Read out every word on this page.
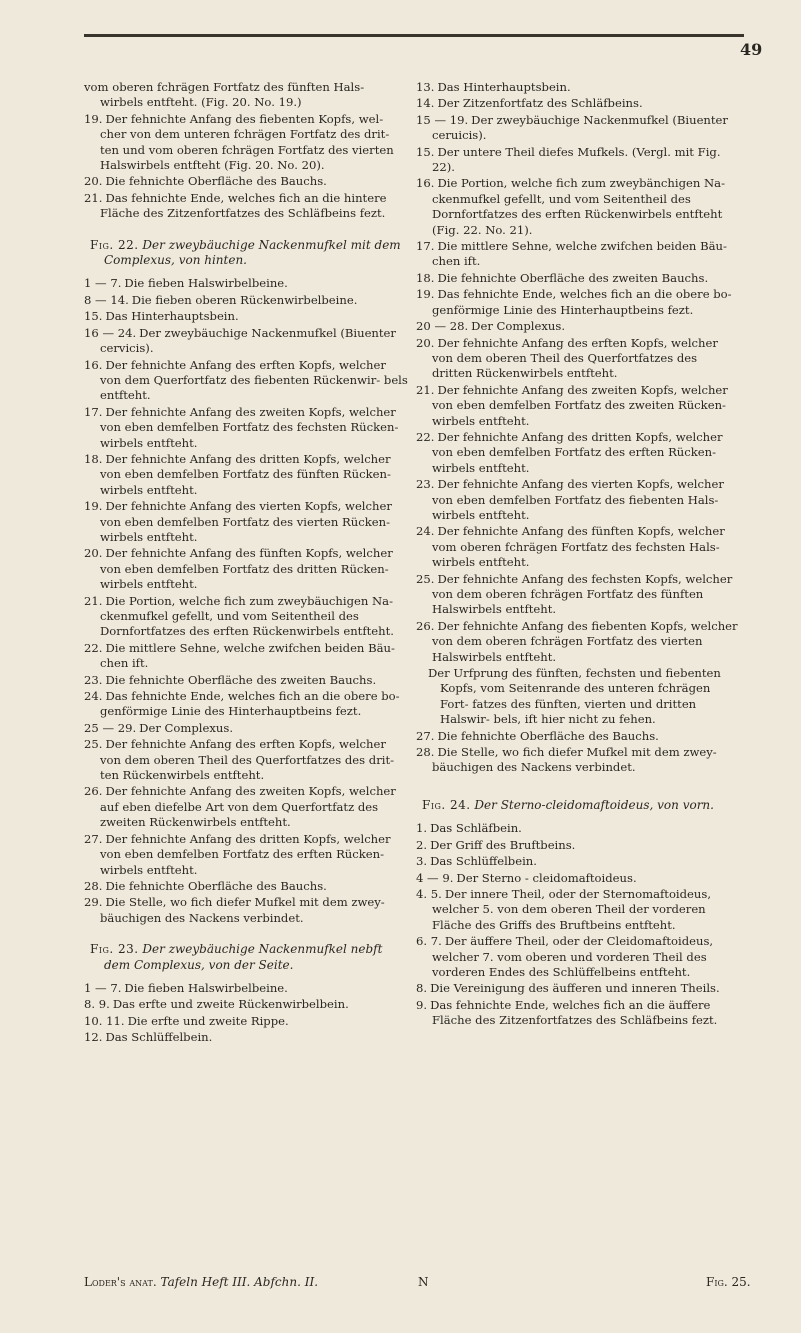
49

vom oberen fchrägen Fortfatz des fünften Hals- wirbels entfteht. (Fig. 20. No. 19.)

19. Der fehnichte Anfang des fiebenten Kopfs, wel- cher von dem unteren fchrägen Fortfatz des drit- ten und vom oberen fchrägen Fortfatz des vierten Halswirbels entfteht (Fig. 20. No. 20).

20. Die fehnichte Oberfläche des Bauchs.

21. Das fehnichte Ende, welches fich an die hintere Fläche des Zitzenfortfatzes des Schläfbeins fezt.

Fig. 22. Der zweybäuchige Nackenmufkel mit dem Complexus, von hinten.

1 — 7. Die fieben Halswirbelbeine.

8 — 14. Die fieben oberen Rückenwirbelbeine.

15. Das Hinterhauptsbein.

16 — 24. Der zweybäuchige Nackenmufkel (Biuenter cervicis).

16. Der fehnichte Anfang des erften Kopfs, welcher von dem Querfortfatz des fiebenten Rückenwir- bels entfteht.

17. Der fehnichte Anfang des zweiten Kopfs, welcher von eben demfelben Fortfatz des fechsten Rücken- wirbels entfteht.

18. Der fehnichte Anfang des dritten Kopfs, welcher von eben demfelben Fortfatz des fünften Rücken- wirbels entfteht.

19. Der fehnichte Anfang des vierten Kopfs, welcher von eben demfelben Fortfatz des vierten Rücken- wirbels entfteht.

20. Der fehnichte Anfang des fünften Kopfs, welcher von eben demfelben Fortfatz des dritten Rücken- wirbels entfteht.

21. Die Portion, welche fich zum zweybäuchigen Na- ckenmufkel gefellt, und vom Seitentheil des Dornfortfatzes des erften Rückenwirbels entfteht.

22. Die mittlere Sehne, welche zwifchen beiden Bäu- chen ift.

23. Die fehnichte Oberfläche des zweiten Bauchs.

24. Das fehnichte Ende, welches fich an die obere bo- genförmige Linie des Hinterhauptbeins fezt.

25 — 29. Der Complexus.

25. Der fehnichte Anfang des erften Kopfs, welcher von dem oberen Theil des Querfortfatzes des drit- ten Rückenwirbels entfteht.

26. Der fehnichte Anfang des zweiten Kopfs, welcher auf eben diefelbe Art von dem Querfortfatz des zweiten Rückenwirbels entfteht.

27. Der fehnichte Anfang des dritten Kopfs, welcher von eben demfelben Fortfatz des erften Rücken- wirbels entfteht.

28. Die fehnichte Oberfläche des Bauchs.

29. Die Stelle, wo fich diefer Mufkel mit dem zwey- bäuchigen des Nackens verbindet.

Fig. 23. Der zweybäuchige Nackenmufkel nebft dem Complexus, von der Seite.

1 — 7. Die fieben Halswirbelbeine.

8. 9. Das erfte und zweite Rückenwirbelbein.

10. 11. Die erfte und zweite Rippe.

12. Das Schlüffelbein.

13. Das Hinterhauptsbein.

14. Der Zitzenfortfatz des Schläfbeins.

15 — 19. Der zweybäuchige Nackenmufkel (Biuenter ceruicis).

15. Der untere Theil diefes Mufkels. (Vergl. mit Fig. 22).

16. Die Portion, welche fich zum zweybänchigen Na- ckenmufkel gefellt, und vom Seitentheil des Dornfortfatzes des erften Rückenwirbels entfteht (Fig. 22. No. 21).

17. Die mittlere Sehne, welche zwifchen beiden Bäu- chen ift.

18. Die fehnichte Oberfläche des zweiten Bauchs.

19. Das fehnichte Ende, welches fich an die obere bo- genförmige Linie des Hinterhauptbeins fezt.

20 — 28. Der Complexus.

20. Der fehnichte Anfang des erften Kopfs, welcher von dem oberen Theil des Querfortfatzes des dritten Rückenwirbels entfteht.

21. Der fehnichte Anfang des zweiten Kopfs, welcher von eben demfelben Fortfatz des zweiten Rücken- wirbels entfteht.

22. Der fehnichte Anfang des dritten Kopfs, welcher von eben demfelben Fortfatz des erften Rücken- wirbels entfteht.

23. Der fehnichte Anfang des vierten Kopfs, welcher von eben demfelben Fortfatz des fiebenten Hals- wirbels entfteht.

24. Der fehnichte Anfang des fünften Kopfs, welcher vom oberen fchrägen Fortfatz des fechsten Hals- wirbels entfteht.

25. Der fehnichte Anfang des fechsten Kopfs, welcher von dem oberen fchrägen Fortfatz des fünften Halswirbels entfteht.

26. Der fehnichte Anfang des fiebenten Kopfs, welcher von dem oberen fchrägen Fortfatz des vierten Halswirbels entfteht.

Der Urfprung des fünften, fechsten und fiebenten Kopfs, vom Seitenrande des unteren fchrägen Fort- fatzes des fünften, vierten und dritten Halswir- bels, ift hier nicht zu fehen.

27. Die fehnichte Oberfläche des Bauchs.

28. Die Stelle, wo fich diefer Mufkel mit dem zwey- bäuchigen des Nackens verbindet.

Fig. 24. Der Sterno-cleidomaftoideus, von vorn.

1. Das Schläfbein.

2. Der Griff des Bruftbeins.

3. Das Schlüffelbein.

4 — 9. Der Sterno - cleidomaftoideus.

4. 5. Der innere Theil, oder der Sternomaftoideus, welcher 5. von dem oberen Theil der vorderen Fläche des Griffs des Bruftbeins entfteht.

6. 7. Der äuffere Theil, oder der Cleidomaftoideus, welcher 7. vom oberen und vorderen Theil des vorderen Endes des Schlüffelbeins entfteht.

8. Die Vereinigung des äufferen und inneren Theils.

9. Das fehnichte Ende, welches fich an die äuffere Fläche des Zitzenfortfatzes des Schläfbeins fezt.

Loder's anat. Tafeln Heft III. Abfchn. II.	N	Fig. 25.
